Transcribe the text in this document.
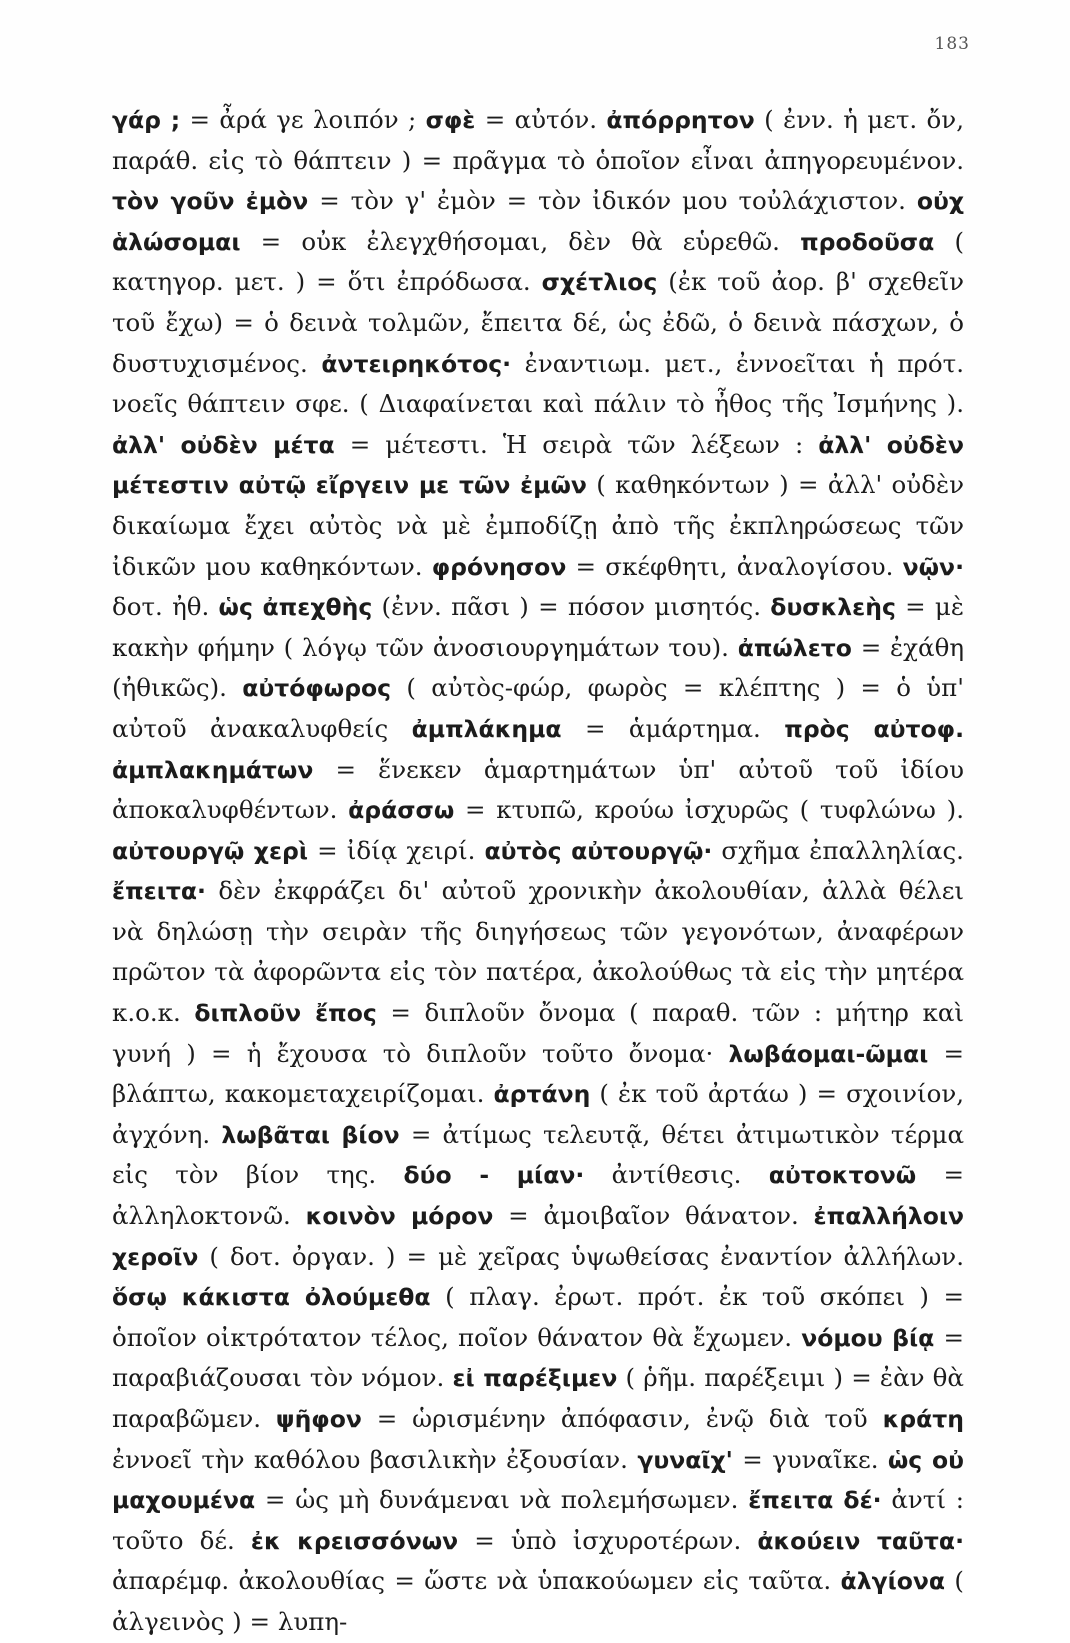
183
γάρ ; = ἆρά γε λοιπόν ; σφὲ = αὐτόν. ἀπόρρητον ( ἐνν. ἡ μετ. ὄν, παράθ. εἰς τὸ θάπτειν ) = πρᾶγμα τὸ ὁποῖον εἶναι ἀπηγορευμένον. τὸν γοῦν ἐμὸν = τὸν γ' ἐμὸν = τὸν ἰδικόν μου τοὐλάχιστον. οὐχ ἁλώσομαι = οὐκ ἐλεγχθήσομαι, δὲν θὰ εὑρεθῶ. προδοῦσα ( κατηγορ. μετ. ) = ὅτι ἐπρόδωσα. σχέτλιος (ἐκ τοῦ ἀορ. β' σχεθεῖν τοῦ ἔχω) = ὁ δεινὰ τολμῶν, ἔπειτα δέ, ὡς ἐδῶ, ὁ δεινὰ πάσχων, ὁ δυστυχισμένος. ἀντειρηκότος· ἐναντιωμ. μετ., ἐννοεῖται ἡ πρότ. νοεῖς θάπτειν σφε. ( Διαφαίνεται καὶ πάλιν τὸ ἦθος τῆς Ἰσμήνης ). ἀλλ' οὐδὲν μέτα = μέτεστι. Ἡ σειρὰ τῶν λέξεων : ἀλλ' οὐδὲν μέτεστιν αὐτῷ εἴργειν με τῶν ἐμῶν ( καθηκόντων ) = ἀλλ' οὐδὲν δικαίωμα ἔχει αὐτὸς νὰ μὲ ἐμποδίζῃ ἀπὸ τῆς ἐκπληρώσεως τῶν ἰδικῶν μου καθηκόντων. φρόνησον = σκέφθητι, ἀναλογίσου. νῷν· δοτ. ἠθ. ὡς ἀπεχθὴς (ἐνν. πᾶσι ) = πόσον μισητός. δυσκλεὴς = μὲ κακὴν φήμην ( λόγῳ τῶν ἀνοσιουργημάτων του). ἀπώλετο = ἐχάθη (ἠθικῶς). αὐτόφωρος ( αὐτὸς-φώρ, φωρὸς = κλέπτης ) = ὁ ὑπ' αὐτοῦ ἀνακαλυφθείς ἀμπλάκημα = ἁμάρτημα. πρὸς αὐτοφ. ἀμπλακημάτων = ἕνεκεν ἁμαρτημάτων ὑπ' αὐτοῦ τοῦ ἰδίου ἀποκαλυφθέντων. ἀράσσω = κτυπῶ, κρούω ἰσχυρῶς ( τυφλώνω ). αὐτουργῷ χερὶ = ἰδίᾳ χειρί. αὐτὸς αὐτουργῷ· σχῆμα ἐπαλληλίας. ἔπειτα· δὲν ἐκφράζει δι' αὐτοῦ χρονικὴν ἀκολουθίαν, ἀλλὰ θέλει νὰ δηλώσῃ τὴν σειρὰν τῆς διηγήσεως τῶν γεγονότων, ἀναφέρων πρῶτον τὰ ἀφορῶντα εἰς τὸν πατέρα, ἀκολούθως τὰ εἰς τὴν μητέρα κ.ο.κ. διπλοῦν ἔπος = διπλοῦν ὄνομα ( παραθ. τῶν : μήτηρ καὶ γυνή ) = ἡ ἔχουσα τὸ διπλοῦν τοῦτο ὄνομα· λωβάομαι-ῶμαι = βλάπτω, κακομεταχειρίζομαι. ἀρτάνη ( ἐκ τοῦ ἀρτάω ) = σχοινίον, ἀγχόνη. λωβᾶται βίον = ἀτίμως τελευτᾷ, θέτει ἀτιμωτικὸν τέρμα εἰς τὸν βίον της. δύο - μίαν· ἀντίθεσις. αὐτοκτονῶ = ἀλληλοκτονῶ. κοινὸν μόρον = ἀμοιβαῖον θάνατον. ἐπαλλήλοιν χεροῖν ( δοτ. ὀργαν. ) = μὲ χεῖρας ὑψωθείσας ἐναντίον ἀλλήλων. ὅσῳ κάκιστα ὀλούμεθα ( πλαγ. ἐρωτ. πρότ. ἐκ τοῦ σκόπει ) = ὁποῖον οἰκτρότατον τέλος, ποῖον θάνατον θὰ ἔχωμεν. νόμου βίᾳ = παραβιάζουσαι τὸν νόμον. εἰ παρέξιμεν ( ῥῆμ. παρέξειμι ) = ἐὰν θὰ παραβῶμεν. ψῆφον = ὡρισμένην ἀπόφασιν, ἐνῷ διὰ τοῦ κράτη ἐννοεῖ τὴν καθόλου βασιλικὴν ἐξουσίαν. γυναῖχ' = γυναῖκε. ὡς οὐ μαχουμένα = ὡς μὴ δυνάμεναι νὰ πολεμήσωμεν. ἔπειτα δέ· ἀντί : τοῦτο δέ. ἐκ κρεισσόνων = ὑπὸ ἰσχυροτέρων. ἀκούειν ταῦτα· ἀπαρέμφ. ἀκολουθίας = ὥστε νὰ ὑπακούωμεν εἰς ταῦτα. ἀλγίονα ( ἀλγεινὸς ) = λυπη-
